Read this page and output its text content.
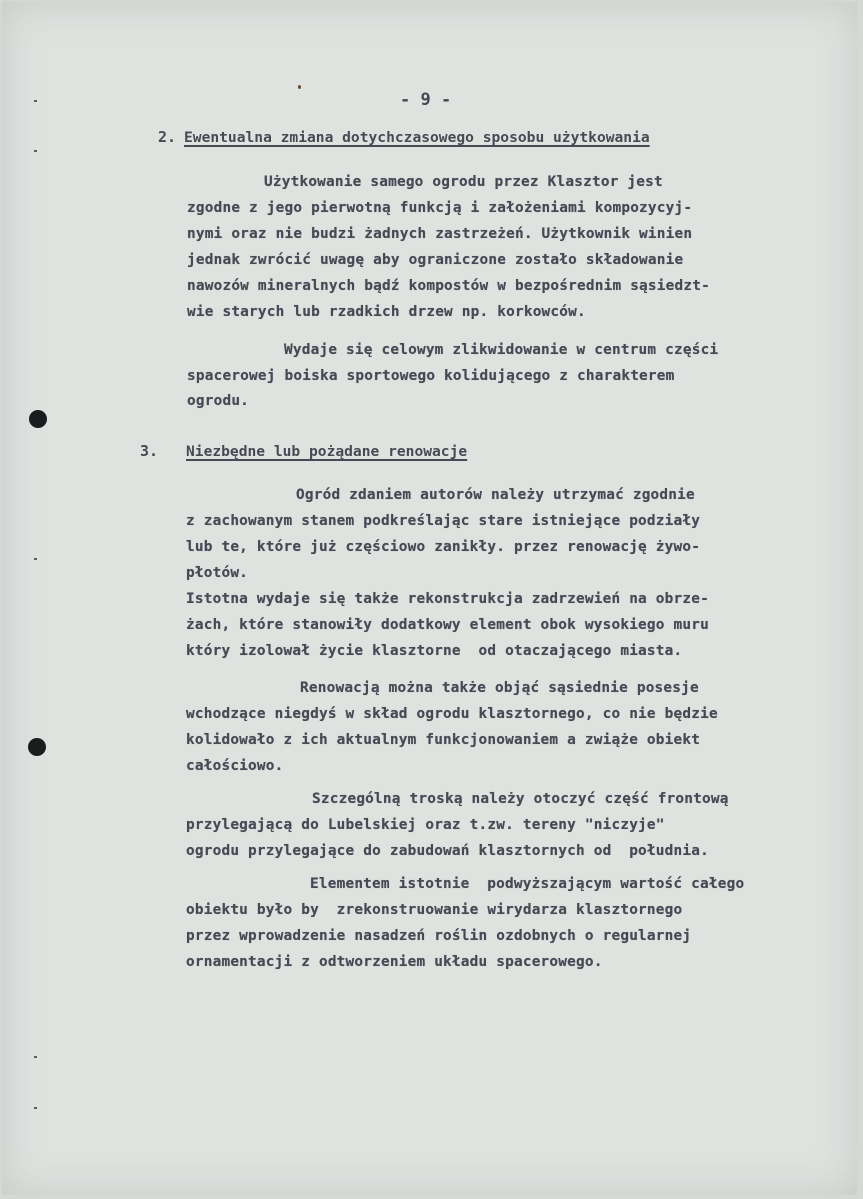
- 9 -
2. Ewentualna zmiana dotychczasowego sposobu użytkowania
Użytkowanie samego ogrodu przez Klasztor jest
zgodne z jego pierwotną funkcją i założeniami kompozycyj-
nymi oraz nie budzi żadnych zastrzeżeń. Użytkownik winien
jednak zwrócić uwagę aby ograniczone zostało składowanie
nawozów mineralnych bądź kompostów w bezpośrednim sąsiedzt-
wie starych lub rzadkich drzew np. korkowców.
Wydaje się celowym zlikwidowanie w centrum części
spacerowej boiska sportowego kolidującego z charakterem
ogrodu.
3. Niezbędne lub pożądane renowacje
Ogród zdaniem autorów należy utrzymać zgodnie
z zachowanym stanem podkreślając stare istniejące podziały
lub te, które już częściowo zanikły. przez renowację żywo-
płotów.
Istotna wydaje się także rekonstrukcja zadrzewień na obrze-
żach, które stanowiły dodatkowy element obok wysokiego muru
który izolował życie klasztorne  od otaczającego miasta.
Renowacją można także objąć sąsiednie posesje
wchodzące niegdyś w skład ogrodu klasztornego, co nie będzie
kolidowało z ich aktualnym funkcjonowaniem a zwiąże obiekt
całościowo.
Szczególną troską należy otoczyć część frontową
przylegającą do Lubelskiej oraz t.zw. tereny "niczyje"
ogrodu przylegające do zabudowań klasztornych od  południa.
Elementem istotnie  podwyższającym wartość całego
obiektu było by  zrekonstruowanie wirydarza klasztornego
przez wprowadzenie nasadzeń roślin ozdobnych o regularnej
ornamentacji z odtworzeniem układu spacerowego.
